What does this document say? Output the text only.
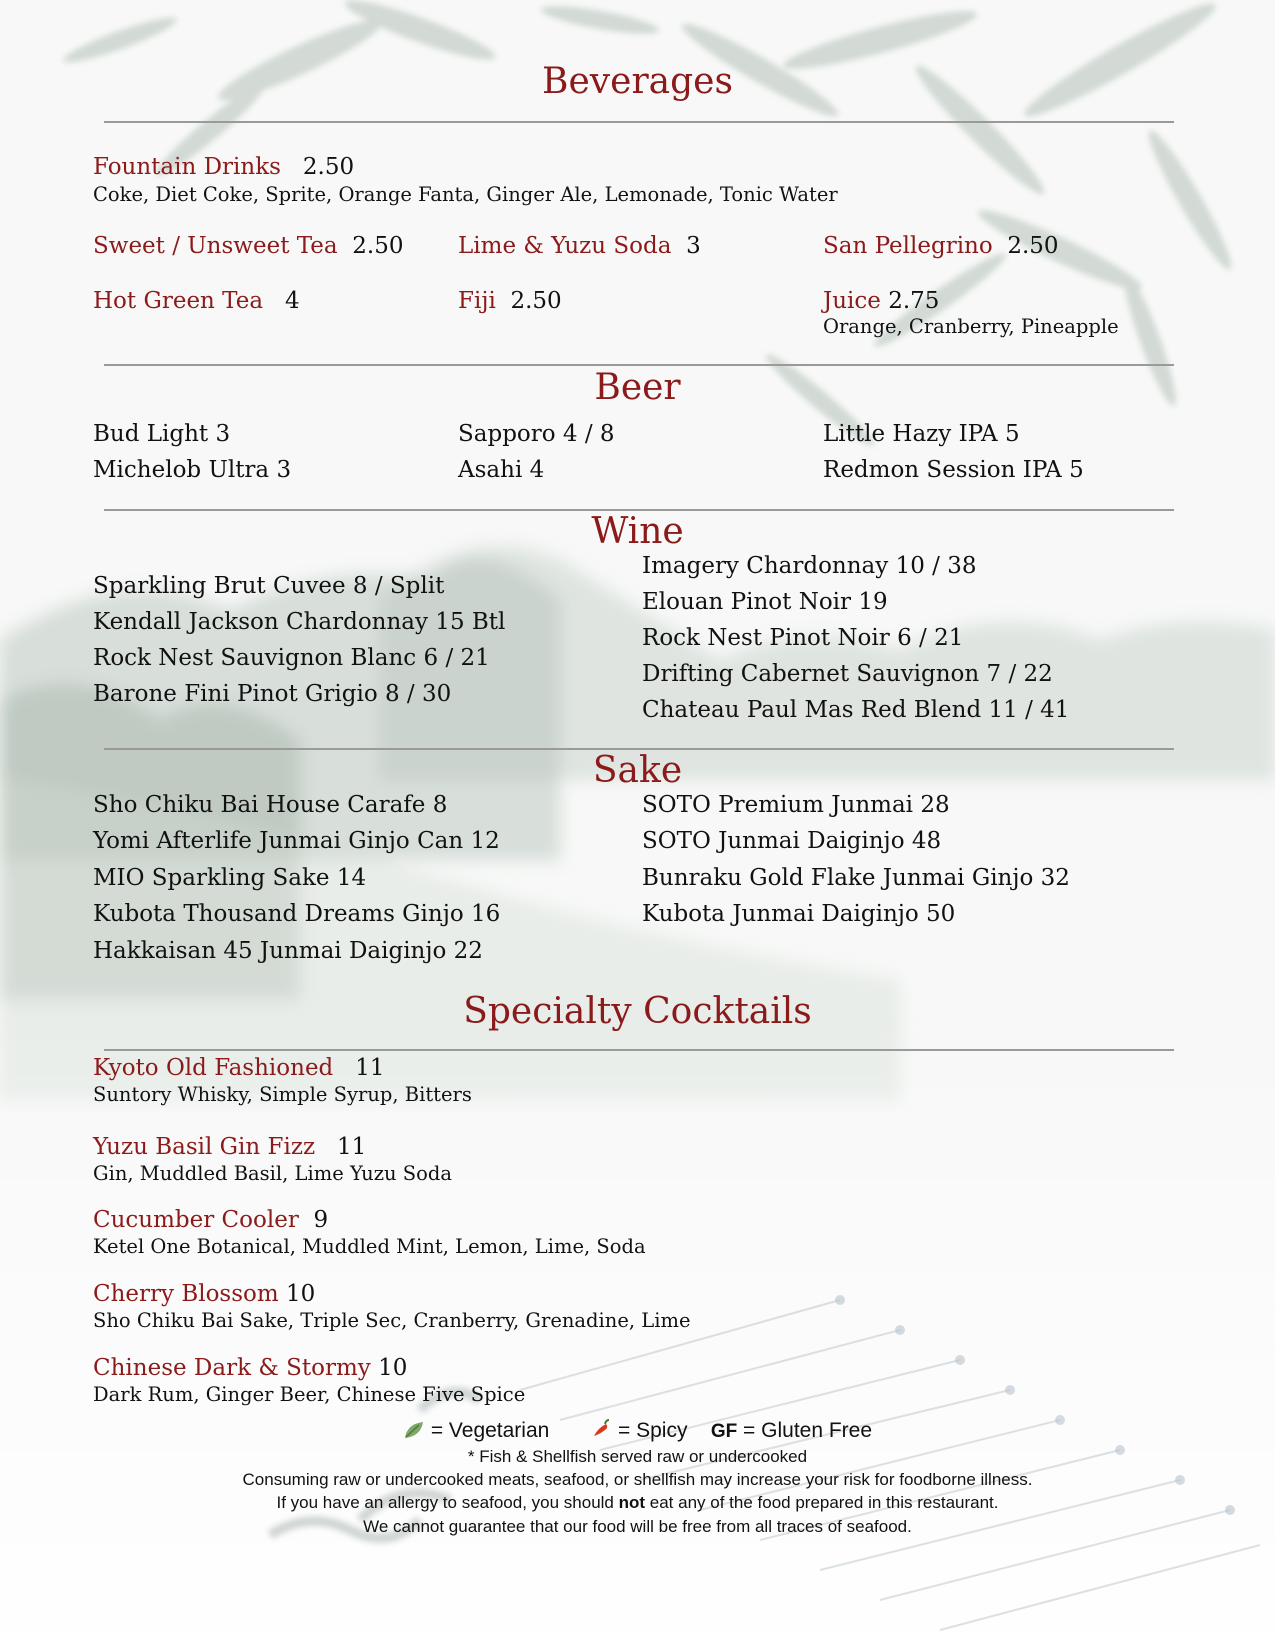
Beverages
Fountain Drinks 2.50
Coke, Diet Coke, Sprite, Orange Fanta, Ginger Ale, Lemonade, Tonic Water
Sweet / Unsweet Tea 2.50 Lime & Yuzu Soda 3	San Pellegrino 2.50
Hot Green Tea 4	Fiji 2.50	Juice 2.75
Orange, Cranberry, Pineapple
Beer
Bud Light 3	Sapporo 4 / 8	Little Hazy IPA 5
Michelob Ultra 3	Asahi 4	Redmon Session IPA 5
Wine
Sparkling Brut Cuvee 8 / Split
Kendall Jackson Chardonnay 15 Btl
Rock Nest Sauvignon Blanc 6 / 21
Barone Fini Pinot Grigio 8 / 30
Imagery Chardonnay 10 / 38
Elouan Pinot Noir 19
Rock Nest Pinot Noir 6 / 21
Drifting Cabernet Sauvignon 7 / 22
Chateau Paul Mas Red Blend 11 / 41
Sake
Sho Chiku Bai House Carafe 8
Yomi Afterlife Junmai Ginjo Can 12
MIO Sparkling Sake 14
Kubota Thousand Dreams Ginjo 16
Hakkaisan 45 Junmai Daiginjo 22
SOTO Premium Junmai 28
SOTO Junmai Daiginjo 48
Bunraku Gold Flake Junmai Ginjo 32
Kubota Junmai Daiginjo 50
Specialty Cocktails
Kyoto Old Fashioned 11
Suntory Whisky, Simple Syrup, Bitters
Yuzu Basil Gin Fizz 11
Gin, Muddled Basil, Lime Yuzu Soda
Cucumber Cooler 9
Ketel One Botanical, Muddled Mint, Lemon, Lime, Soda
Cherry Blossom 10
Sho Chiku Bai Sake, Triple Sec, Cranberry, Grenadine, Lime
Chinese Dark & Stormy 10
Dark Rum, Ginger Beer, Chinese Five Spice
= Vegetarian	= Spicy GF = Gluten Free
* Fish & Shellfish served raw or undercooked
Consuming raw or undercooked meats, seafood, or shellfish may increase your risk for foodborne illness.
If you have an allergy to seafood, you should not eat any of the food prepared in this restaurant.
We cannot guarantee that our food will be free from all traces of seafood.
